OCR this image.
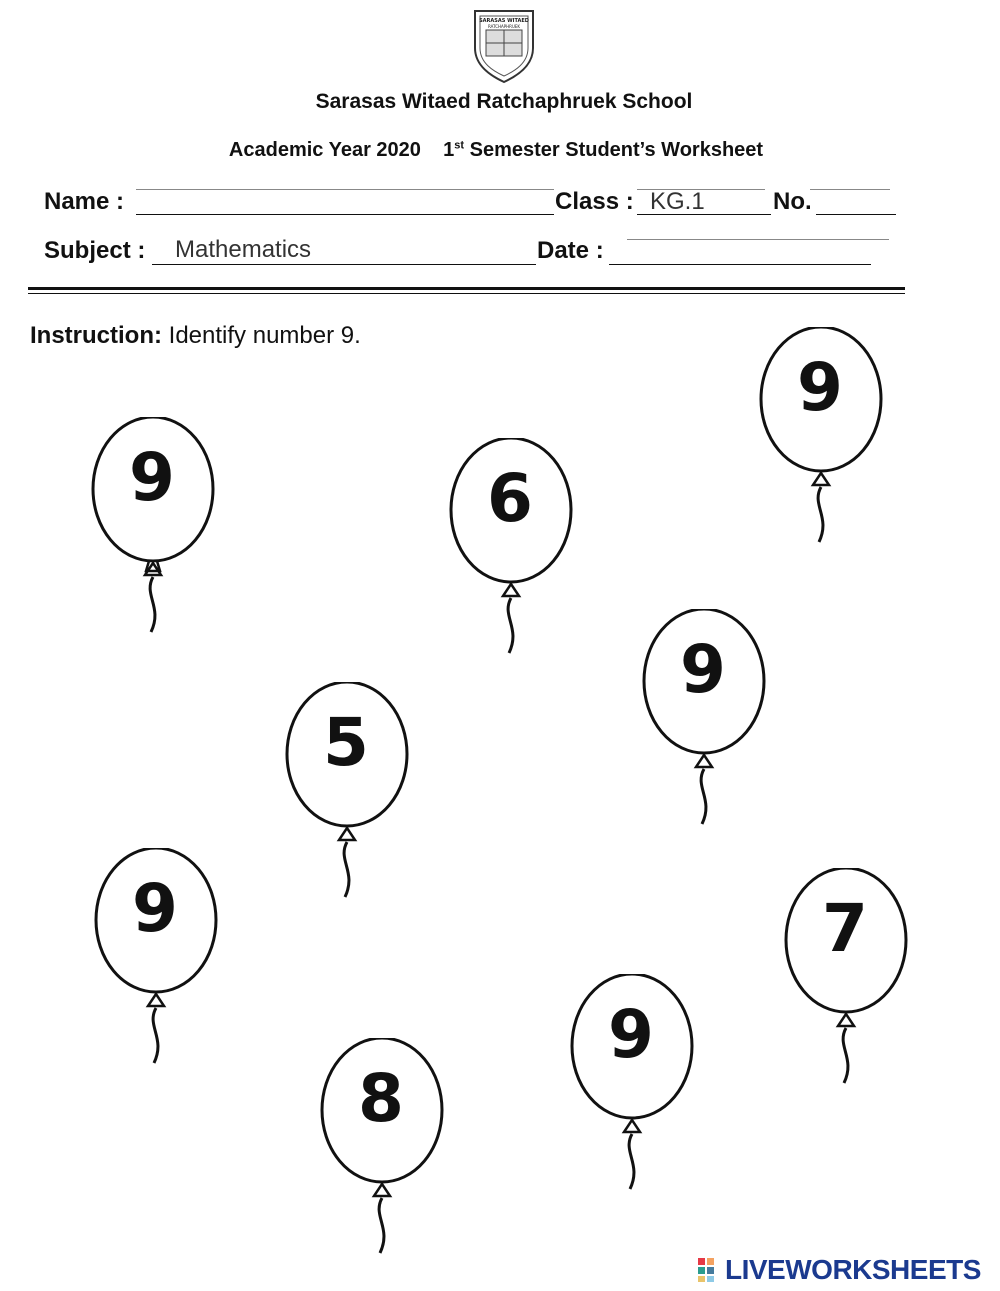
SARASAS WITAED
RATCHAPHRUEK
Sarasas Witaed Ratchaphruek School
Academic Year 2020 1st Semester Student’s Worksheet
Name :	Class : KG.1	No.
Subject : Mathematics	Date :
Instruction: Identify number 9.
9	6
9
9
5
9	7
9
8
LIVEWORKSHEETS
